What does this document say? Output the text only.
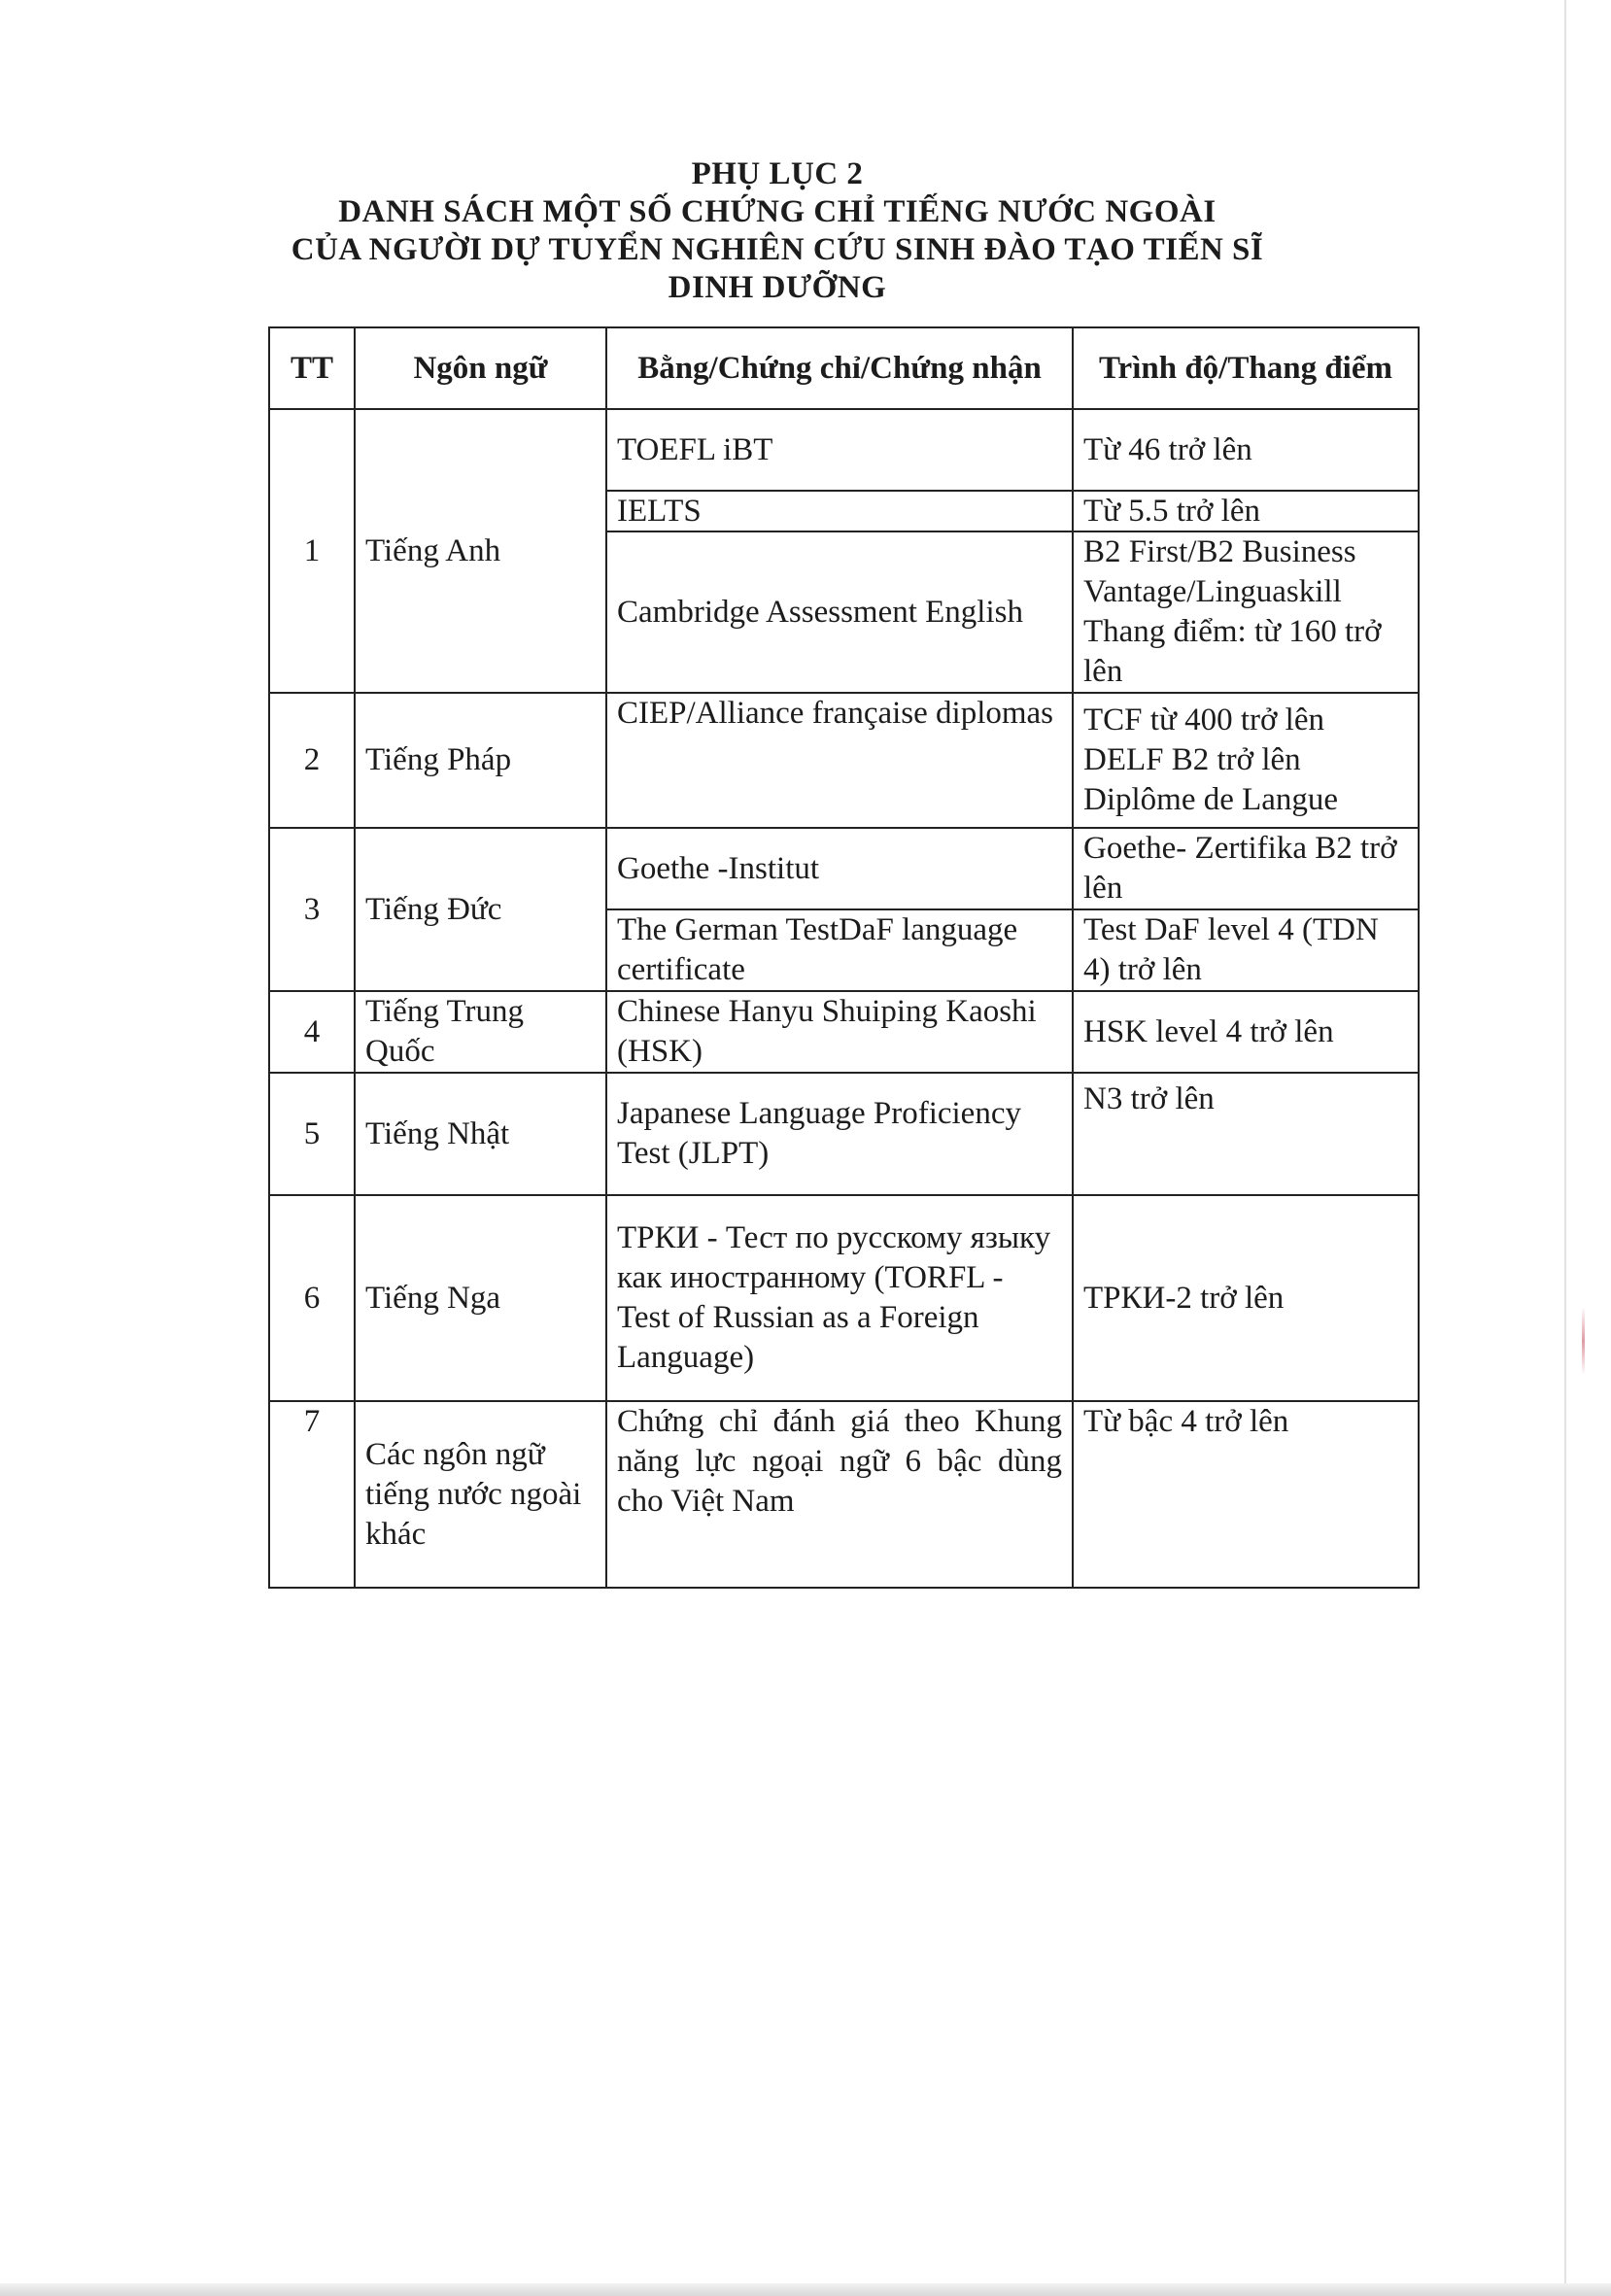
PHỤ LỤC 2
DANH SÁCH MỘT SỐ CHỨNG CHỈ TIẾNG NƯỚC NGOÀI
CỦA NGƯỜI DỰ TUYỂN NGHIÊN CỨU SINH ĐÀO TẠO TIẾN SĨ
DINH DƯỠNG
TT	Ngôn ngữ	Bằng/Chứng chỉ/Chứng nhận	Trình độ/Thang điểm
1	Tiếng Anh	TOEFL iBT	Từ 46 trở lên
		IELTS	Từ 5.5 trở lên
		Cambridge Assessment English	B2 First/B2 Business Vantage/Linguaskill Thang điểm: từ 160 trở lên
2	Tiếng Pháp	CIEP/Alliance française diplomas	TCF từ 400 trở lên DELF B2 trở lên Diplôme de Langue
3	Tiếng Đức	Goethe -Institut	Goethe- Zertifika B2 trở lên
		The German TestDaF language certificate	Test DaF level 4 (TDN 4) trở lên
4	Tiếng Trung Quốc	Chinese Hanyu Shuiping Kaoshi (HSK)	HSK level 4 trở lên
5	Tiếng Nhật	Japanese Language Proficiency Test (JLPT)	N3 trở lên
6	Tiếng Nga	ТРКИ - Тест по русскому языку как иностранному (TORFL - Test of Russian as a Foreign Language)	ТРКИ-2 trở lên
7	Các ngôn ngữ tiếng nước ngoài khác	Chứng chỉ đánh giá theo Khung năng lực ngoại ngữ 6 bậc dùng cho Việt Nam	Từ bậc 4 trở lên
